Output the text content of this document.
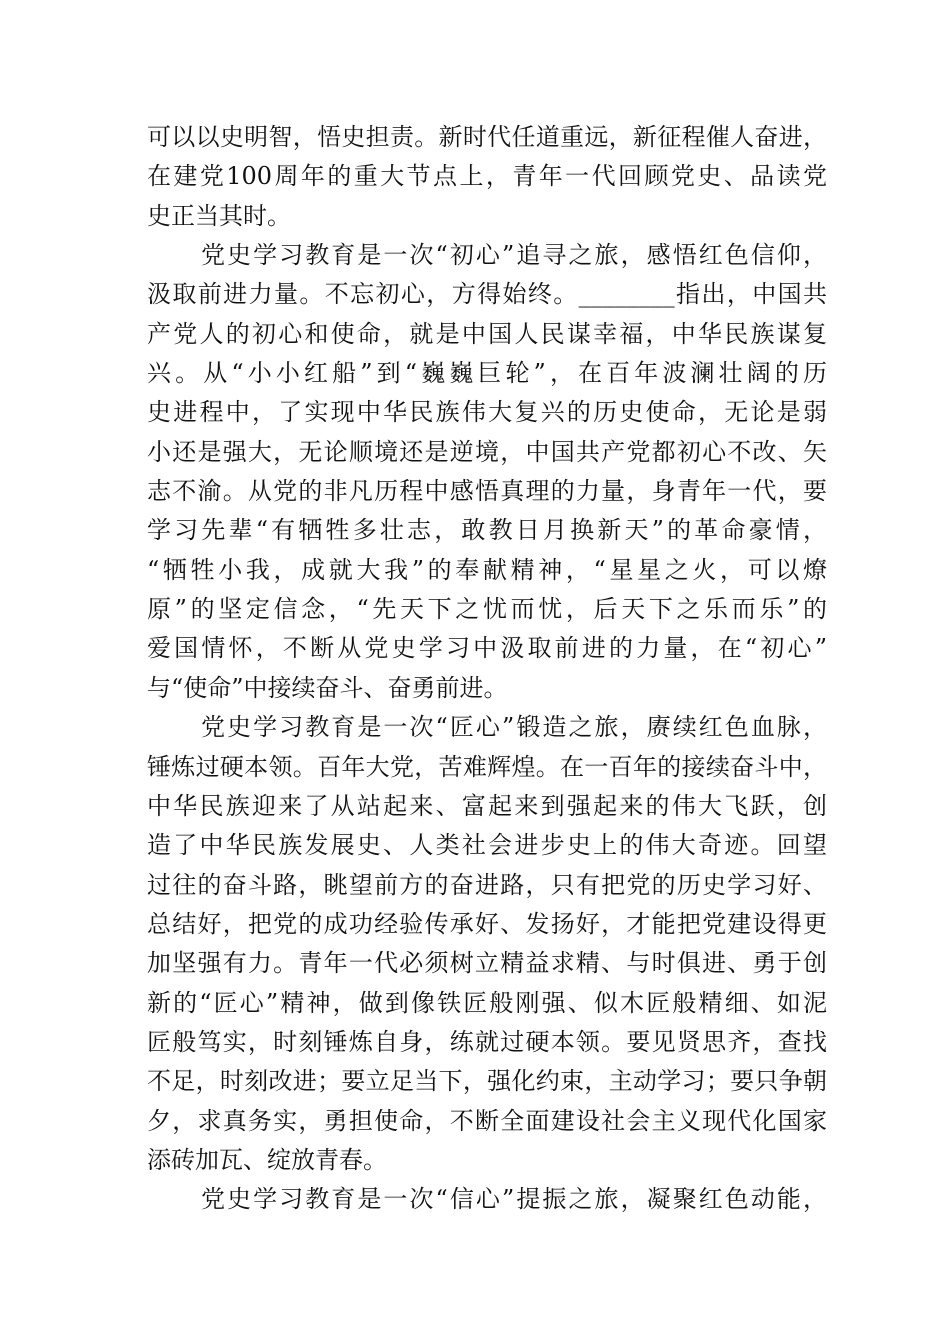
可以以史明智，悟史担责。新时代任道重远，新征程催人奋进，
在建党100周年的重大节点上，青年一代回顾党史、品读党
史正当其时。
党史学习教育是一次“初心”追寻之旅，感悟红色信仰，
汲取前进力量。不忘初心，方得始终。________指出，中国共
产党人的初心和使命，就是中国人民谋幸福，中华民族谋复
兴。从“小小红船”到“巍巍巨轮”，在百年波澜壮阔的历
史进程中，了实现中华民族伟大复兴的历史使命，无论是弱
小还是强大，无论顺境还是逆境，中国共产党都初心不改、矢
志不渝。从党的非凡历程中感悟真理的力量，身青年一代，要
学习先辈“有牺牲多壮志，敢教日月换新天”的革命豪情，
“牺牲小我，成就大我”的奉献精神，“星星之火，可以燎
原”的坚定信念，“先天下之忧而忧，后天下之乐而乐”的
爱国情怀，不断从党史学习中汲取前进的力量，在“初心”
与“使命”中接续奋斗、奋勇前进。
党史学习教育是一次“匠心”锻造之旅，赓续红色血脉，
锤炼过硬本领。百年大党，苦难辉煌。在一百年的接续奋斗中，
中华民族迎来了从站起来、富起来到强起来的伟大飞跃，创
造了中华民族发展史、人类社会进步史上的伟大奇迹。回望
过往的奋斗路，眺望前方的奋进路，只有把党的历史学习好、
总结好，把党的成功经验传承好、发扬好，才能把党建设得更
加坚强有力。青年一代必须树立精益求精、与时俱进、勇于创
新的“匠心”精神，做到像铁匠般刚强、似木匠般精细、如泥
匠般笃实，时刻锤炼自身，练就过硬本领。要见贤思齐，查找
不足，时刻改进；要立足当下，强化约束，主动学习；要只争朝
夕，求真务实，勇担使命，不断全面建设社会主义现代化国家
添砖加瓦、绽放青春。
党史学习教育是一次“信心”提振之旅，凝聚红色动能，
